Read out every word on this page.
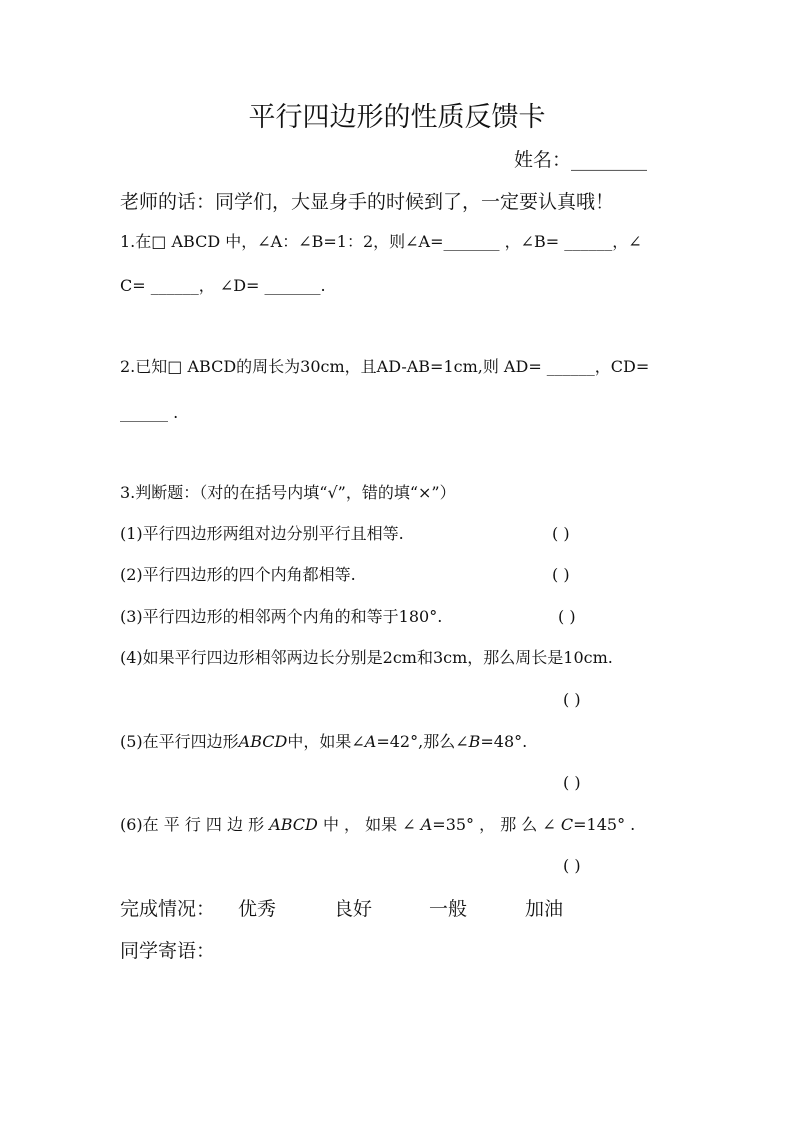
平行四边形的性质反馈卡
姓名：________
老师的话：同学们，大显身手的时候到了，一定要认真哦！
1.在□ ABCD 中，∠A：∠B=1：2，则∠A=_______ ，∠B= ______，∠
C= ______， ∠D= _______.
2.已知□ ABCD的周长为30cm，且AD-AB=1cm,则 AD= ______，CD=
______ .
3.判断题：（对的在括号内填“√”，错的填“×”）
(1)平行四边形两组对边分别平行且相等.	( )
(2)平行四边形的四个内角都相等.	( )
(3)平行四边形的相邻两个内角的和等于180°.	( )
(4)如果平行四边形相邻两边长分别是2cm和3cm，那么周长是10cm.
( )
(5)在平行四边形ABCD中，如果∠A=42°,那么∠B=48°.
( )
(6)在 平 行 四 边 形 ABCD 中 ， 如果 ∠ A=35° ， 那 么 ∠ C=145° .
( )
完成情况： 优秀	良好	一般	加油
同学寄语：
